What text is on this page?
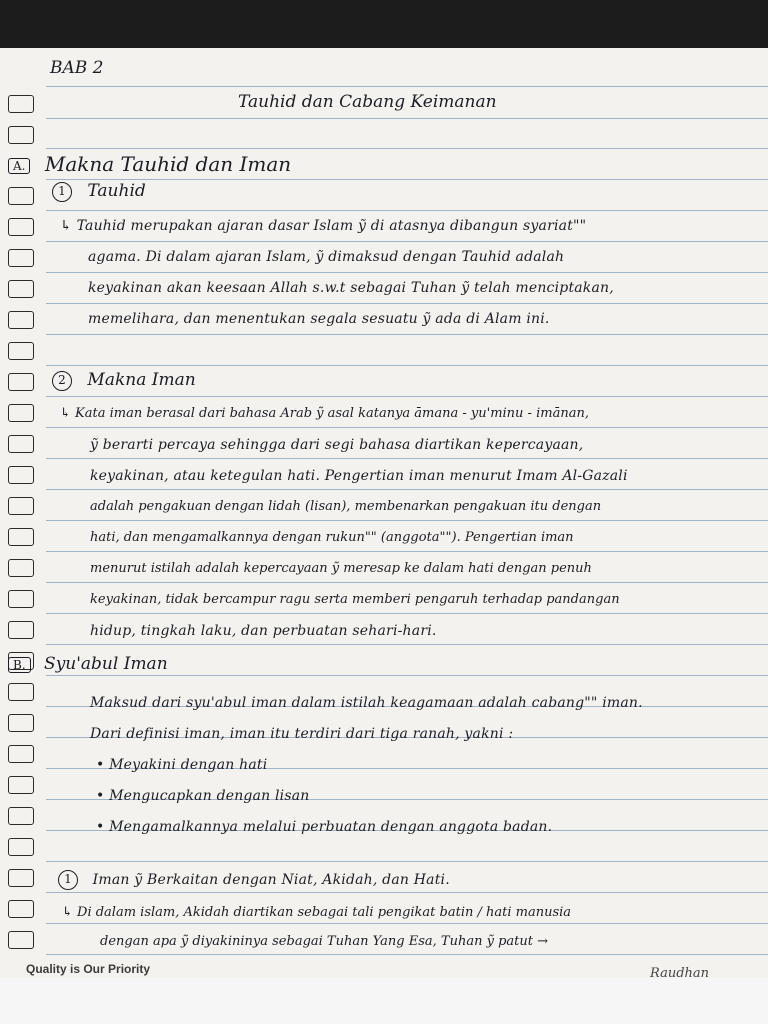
BAB 2
Tauhid dan Cabang Keimanan
A. Makna Tauhid dan Iman
1 Tauhid
↳ Tauhid merupakan ajaran dasar Islam ỹ di atasnya dibangun syariat""
agama. Di dalam ajaran Islam, ỹ dimaksud dengan Tauhid adalah
keyakinan akan keesaan Allah s.w.t sebagai Tuhan ỹ telah menciptakan,
memelihara, dan menentukan segala sesuatu ỹ ada di Alam ini.
2 Makna Iman
↳ Kata iman berasal dari bahasa Arab ỹ asal katanya āmana - yu'minu - imānan,
ỹ berarti percaya sehingga dari segi bahasa diartikan kepercayaan,
keyakinan, atau ketegulan hati. Pengertian iman menurut Imam Al-Gazali
adalah pengakuan dengan lidah (lisan), membenarkan pengakuan itu dengan
hati, dan mengamalkannya dengan rukun"" (anggota""). Pengertian iman
menurut istilah adalah kepercayaan ỹ meresap ke dalam hati dengan penuh
keyakinan, tidak bercampur ragu serta memberi pengaruh terhadap pandangan
hidup, tingkah laku, dan perbuatan sehari-hari.
B. Syu'abul Iman
Maksud dari syu'abul iman dalam istilah keagamaan adalah cabang"" iman.
Dari definisi iman, iman itu terdiri dari tiga ranah, yakni :
• Meyakini dengan hati
• Mengucapkan dengan lisan
• Mengamalkannya melalui perbuatan dengan anggota badan.
1 Iman ỹ Berkaitan dengan Niat, Akidah, dan Hati.
↳ Di dalam islam, Akidah diartikan sebagai tali pengikat batin / hati manusia
dengan apa ỹ diyakininya sebagai Tuhan Yang Esa, Tuhan ỹ patut →
Quality is Our Priority	Raudhan
